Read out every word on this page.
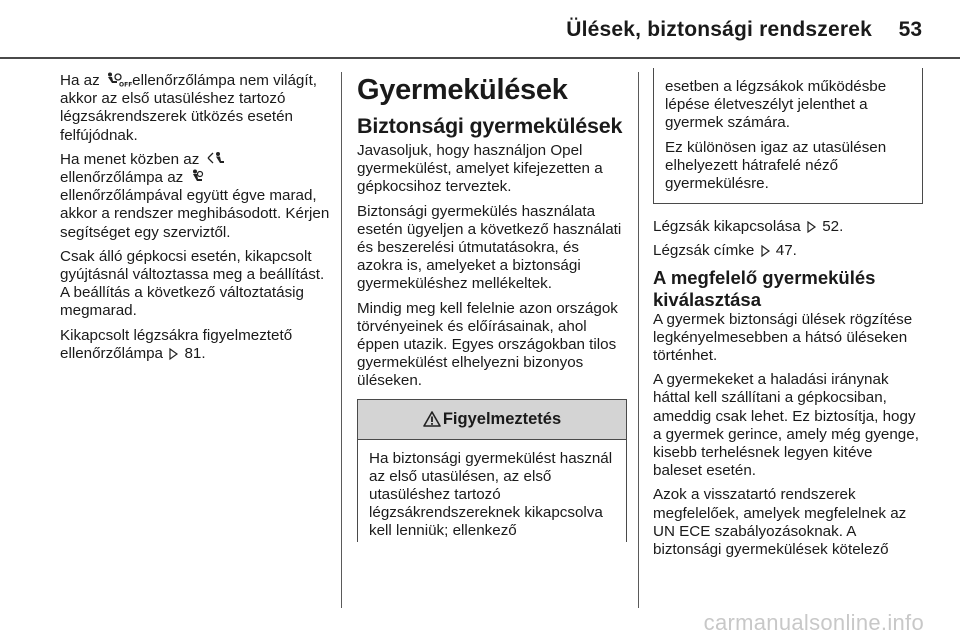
Ülések, biztonsági rendszerek 53

Ha az	OFF ellenőrzőlámpa nem világít, akkor az első utasüléshez tartozó légzsákrendszerek ütközés esetén felfújódnak.

Ha menet közben az
ellenőrzőlámpa az
ellenőrzőlámpával együtt égve marad, akkor a rendszer meghibásodott. Kérjen segítséget egy szerviztől.

Csak álló gépkocsi esetén, kikapcsolt gyújtásnál változtassa meg a beállítást. A beállítás a következő változtatásig megmarad.

Kikapcsolt légzsákra figyelmeztető ellenőrzőlámpa 81.

Gyermekülések
Biztonsági gyermekülések

Javasoljuk, hogy használjon Opel gyermekülést, amelyet kifejezetten a gépkocsihoz terveztek.

Biztonsági gyermekülés használata esetén ügyeljen a következő használati és beszerelési útmutatásokra, és azokra is, amelyeket a biztonsági gyermeküléshez mellékeltek.

Mindig meg kell felelnie azon országok törvényeinek és előírásainak, ahol éppen utazik. Egyes országokban tilos gyermekülést elhelyezni bizonyos üléseken.

Figyelmeztetés

Ha biztonsági gyermekülést használ az első utasülésen, az első utasüléshez tartozó légzsákrendszereknek kikapcsolva kell lenniük; ellenkező

esetben a légzsákok működésbe lépése életveszélyt jelenthet a gyermek számára.

Ez különösen igaz az utasülésen elhelyezett hátrafelé néző gyermekülésre.

Légzsák kikapcsolása 52.

Légzsák címke 47.

A megfelelő gyermekülés kiválasztása

A gyermek biztonsági ülések rögzítése legkényelmesebben a hátsó üléseken történhet.

A gyermekeket a haladási iránynak háttal kell szállítani a gépkocsiban, ameddig csak lehet. Ez biztosítja, hogy a gyermek gerince, amely még gyenge, kisebb terhelésnek legyen kitéve baleset esetén.

Azok a visszatartó rendszerek megfelelőek, amelyek megfelelnek az UN ECE szabályozásoknak. A biztonsági gyermekülések kötelező

carmanualsonline.info
